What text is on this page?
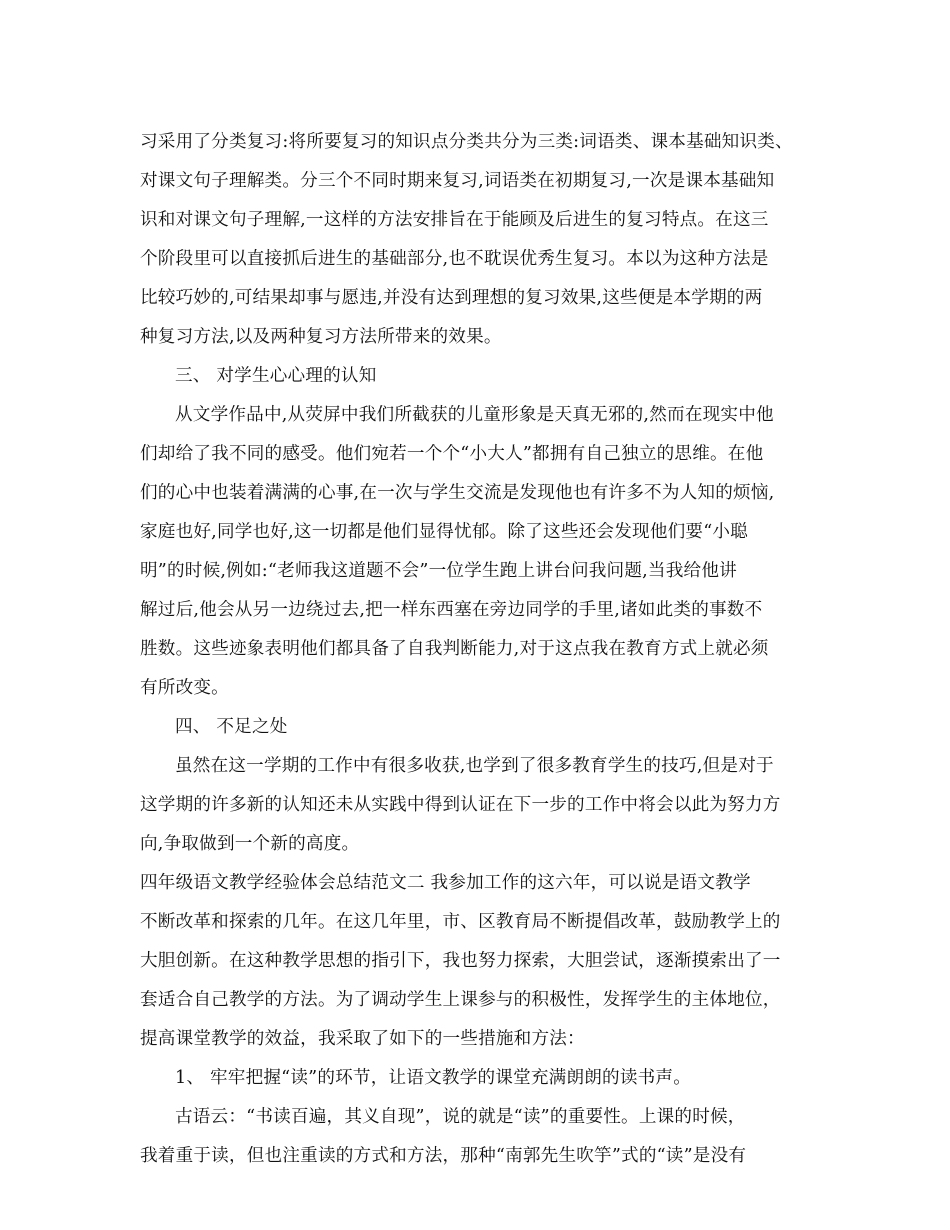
习采用了分类复习:将所要复习的知识点分类共分为三类:词语类、课本基础知识类、
对课文句子理解类。分三个不同时期来复习,词语类在初期复习,一次是课本基础知
识和对课文句子理解,一这样的方法安排旨在于能顾及后进生的复习特点。在这三
个阶段里可以直接抓后进生的基础部分,也不耽误优秀生复习。本以为这种方法是
比较巧妙的,可结果却事与愿违,并没有达到理想的复习效果,这些便是本学期的两
种复习方法,以及两种复习方法所带来的效果。
三、 对学生心心理的认知
从文学作品中,从荧屏中我们所截获的儿童形象是天真无邪的,然而在现实中他
们却给了我不同的感受。他们宛若一个个“小大人”都拥有自己独立的思维。在他
们的心中也装着满满的心事,在一次与学生交流是发现他也有许多不为人知的烦恼,
家庭也好,同学也好,这一切都是他们显得忧郁。除了这些还会发现他们要“小聪
明”的时候,例如:“老师我这道题不会”一位学生跑上讲台问我问题,当我给他讲
解过后,他会从另一边绕过去,把一样东西塞在旁边同学的手里,诸如此类的事数不
胜数。这些迹象表明他们都具备了自我判断能力,对于这点我在教育方式上就必须
有所改变。
四、 不足之处
虽然在这一学期的工作中有很多收获,也学到了很多教育学生的技巧,但是对于
这学期的许多新的认知还未从实践中得到认证在下一步的工作中将会以此为努力方
向,争取做到一个新的高度。
四年级语文教学经验体会总结范文二 我参加工作的这六年，可以说是语文教学
不断改革和探索的几年。在这几年里，市、区教育局不断提倡改革，鼓励教学上的
大胆创新。在这种教学思想的指引下，我也努力探索，大胆尝试，逐渐摸索出了一
套适合自己教学的方法。为了调动学生上课参与的积极性，发挥学生的主体地位，
提高课堂教学的效益，我采取了如下的一些措施和方法：
1、 牢牢把握“读”的环节，让语文教学的课堂充满朗朗的读书声。
古语云：“书读百遍，其义自现”，说的就是“读”的重要性。上课的时候，
我着重于读，但也注重读的方式和方法，那种“南郭先生吹竽”式的“读”是没有
